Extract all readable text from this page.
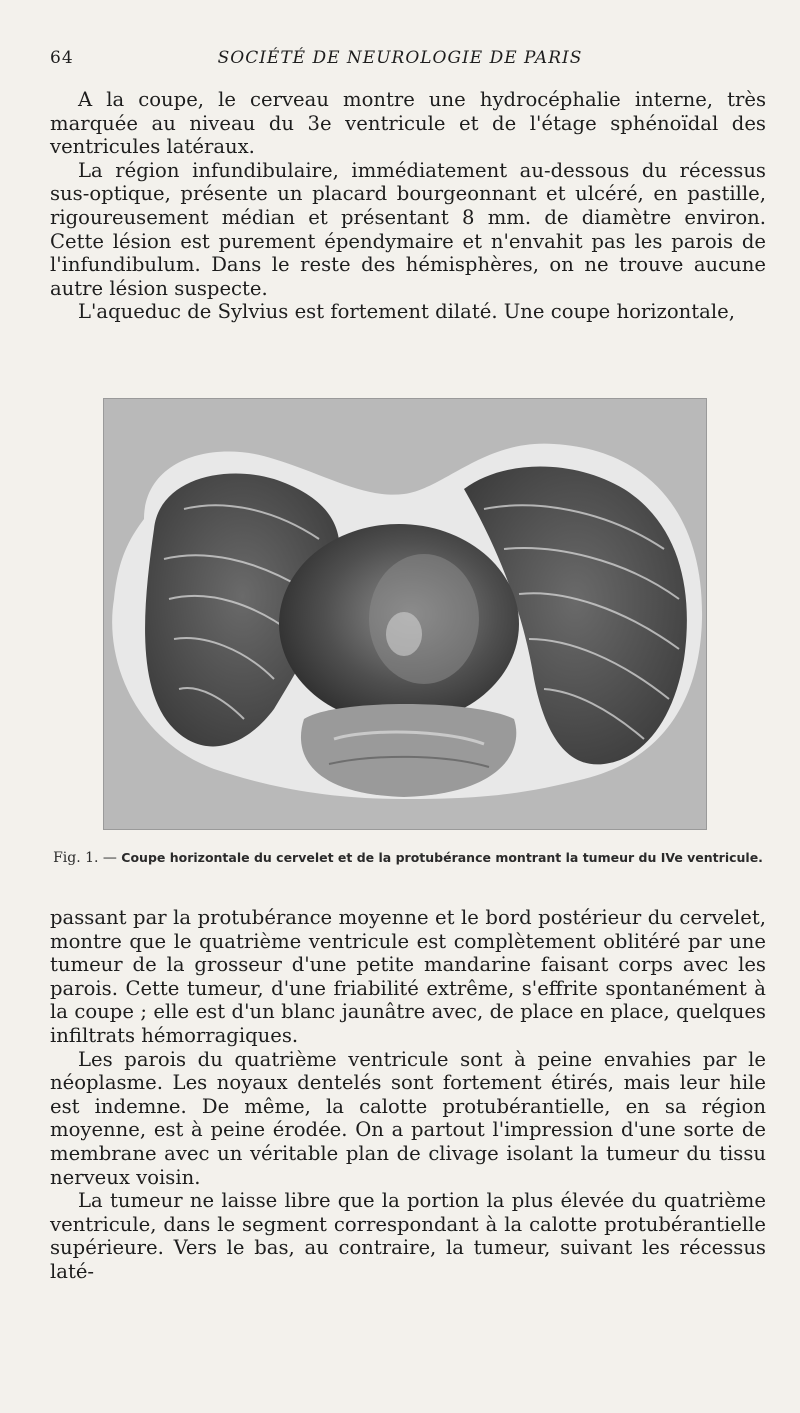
64	SOCIÉTÉ DE NEUROLOGIE DE PARIS

A la coupe, le cerveau montre une hydrocéphalie interne, très marquée au niveau du 3e ventricule et de l'étage sphénoïdal des ventricules latéraux.

La région infundibulaire, immédiatement au-dessous du récessus sus-optique, présente un placard bourgeonnant et ulcéré, en pastille, rigoureusement médian et présentant 8 mm. de diamètre environ. Cette lésion est purement épendymaire et n'envahit pas les parois de l'infundibulum. Dans le reste des hémisphères, on ne trouve aucune autre lésion suspecte.

L'aqueduc de Sylvius est fortement dilaté. Une coupe horizontale,

Fig. 1. — Coupe horizontale du cervelet et de la protubérance montrant la tumeur du IVe ventricule.

passant par la protubérance moyenne et le bord postérieur du cervelet, montre que le quatrième ventricule est complètement oblitéré par une tumeur de la grosseur d'une petite mandarine faisant corps avec les parois. Cette tumeur, d'une friabilité extrême, s'effrite spontanément à la coupe ; elle est d'un blanc jaunâtre avec, de place en place, quelques infiltrats hémorragiques.

Les parois du quatrième ventricule sont à peine envahies par le néoplasme. Les noyaux dentelés sont fortement étirés, mais leur hile est indemne. De même, la calotte protubérantielle, en sa région moyenne, est à peine érodée. On a partout l'impression d'une sorte de membrane avec un véritable plan de clivage isolant la tumeur du tissu nerveux voisin.

La tumeur ne laisse libre que la portion la plus élevée du quatrième ventricule, dans le segment correspondant à la calotte protubérantielle supérieure. Vers le bas, au contraire, la tumeur, suivant les récessus laté-
